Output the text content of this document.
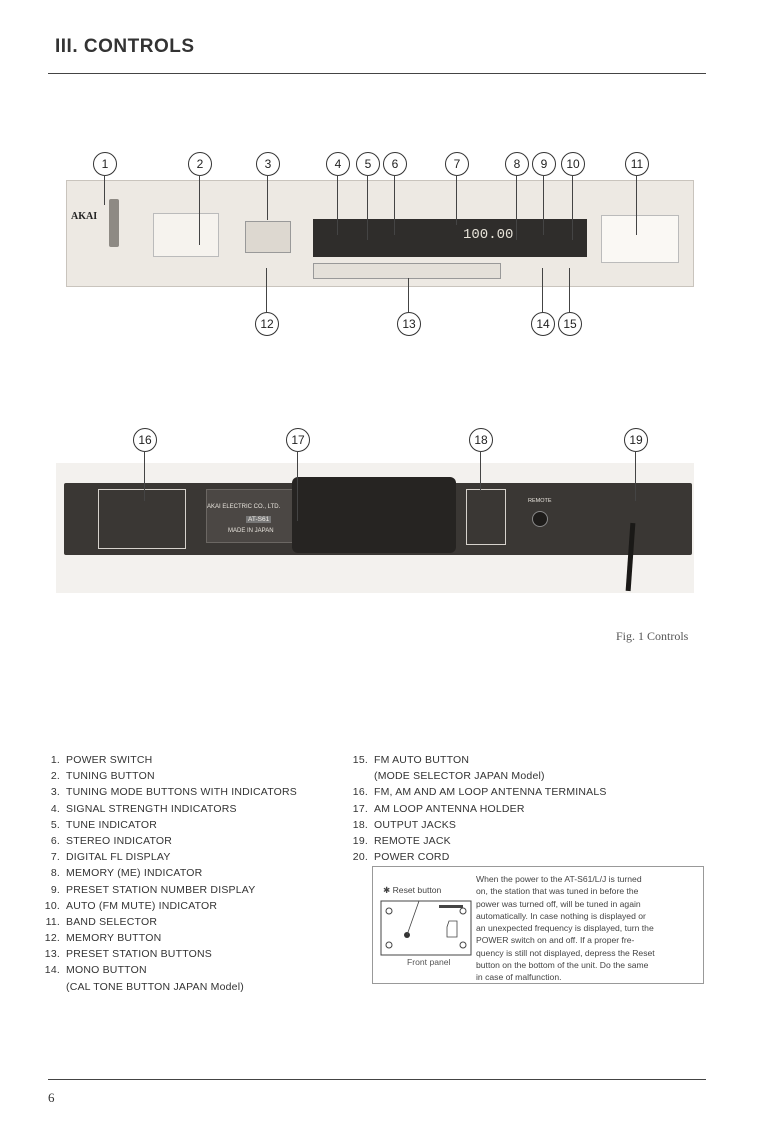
III. CONTROLS
AKAI
100.00
1	2	3	4	5	6	7	8	9	10	11
12	13	14	15
AKAI ELECTRIC CO., LTD.
AT-S61
MADE IN JAPAN
REMOTE
16	17	18	19
Fig. 1 Controls
1. POWER SWITCH
2. TUNING BUTTON
3. TUNING MODE BUTTONS WITH INDICATORS
4. SIGNAL STRENGTH INDICATORS
5. TUNE INDICATOR
6. STEREO INDICATOR
7. DIGITAL FL DISPLAY
8. MEMORY (ME) INDICATOR
9. PRESET STATION NUMBER DISPLAY
10. AUTO (FM MUTE) INDICATOR
11. BAND SELECTOR
12. MEMORY BUTTON
13. PRESET STATION BUTTONS
14. MONO BUTTON
(CAL TONE BUTTON JAPAN Model)
15. FM AUTO BUTTON
(MODE SELECTOR JAPAN Model)
16. FM, AM AND AM LOOP ANTENNA TERMINALS
17. AM LOOP ANTENNA HOLDER
18. OUTPUT JACKS
19. REMOTE JACK
20. POWER CORD
✱ Reset button
Front panel
When the power to the AT-S61/L/J is turned
on, the station that was tuned in before the
power was turned off, will be tuned in again
automatically. In case nothing is displayed or
an unexpected frequency is displayed, turn the
POWER switch on and off. If a proper fre-
quency is still not displayed, depress the Reset
button on the bottom of the unit. Do the same
in case of malfunction.
6
